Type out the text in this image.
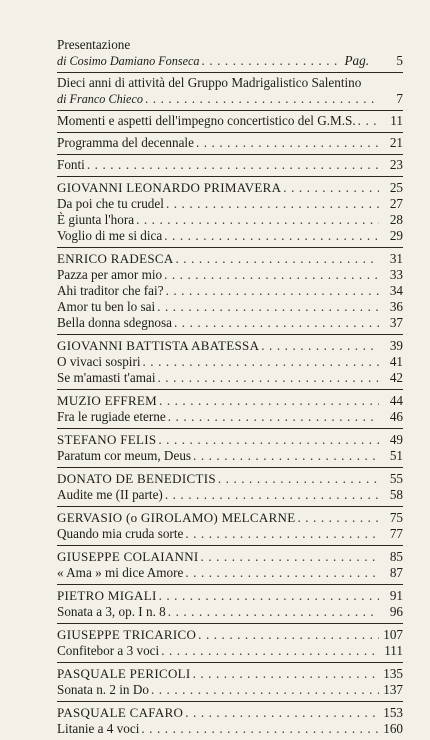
Presentazione
di Cosimo Damiano Fonseca . . .	Pag.	5
Dieci anni di attività del Gruppo Madrigalistico Salentino
di Franco Chieco . . .	7
Momenti e aspetti dell'impegno concertistico del G.M.S. . . .	11
Programma del decennale . . .	21
Fonti . . .	23
GIOVANNI LEONARDO PRIMAVERA . . .	25
Da poi che tu crudel . . .	27
È giunta l'hora . . .	28
Voglio di me si dica . . .	29
ENRICO RADESCA . . .	31
Pazza per amor mio . . .	33
Ahi traditor che fai? . . .	34
Amor tu ben lo sai . . .	36
Bella donna sdegnosa . . .	37
GIOVANNI BATTISTA ABATESSA . . .	39
O vivaci sospiri . . .	41
Se m'amasti t'amai . . .	42
MUZIO EFFREM . . .	44
Fra le rugiade eterne . . .	46
STEFANO FELIS . . .	49
Paratum cor meum, Deus . . .	51
DONATO DE BENEDICTIS . . .	55
Audite me (II parte) . . .	58
GERVASIO (o GIROLAMO) MELCARNE . . .	75
Quando mia cruda sorte . . .	77
GIUSEPPE COLAIANNI . . .	85
« Ama » mi dice Amore . . .	87
PIETRO MIGALI . . .	91
Sonata a 3, op. I n. 8 . . .	96
GIUSEPPE TRICARICO . . .	107
Confitebor a 3 voci . . .	111
PASQUALE PERICOLI . . .	135
Sonata n. 2 in Do . . .	137
PASQUALE CAFARO . . .	153
Litanie a 4 voci . . .	160
